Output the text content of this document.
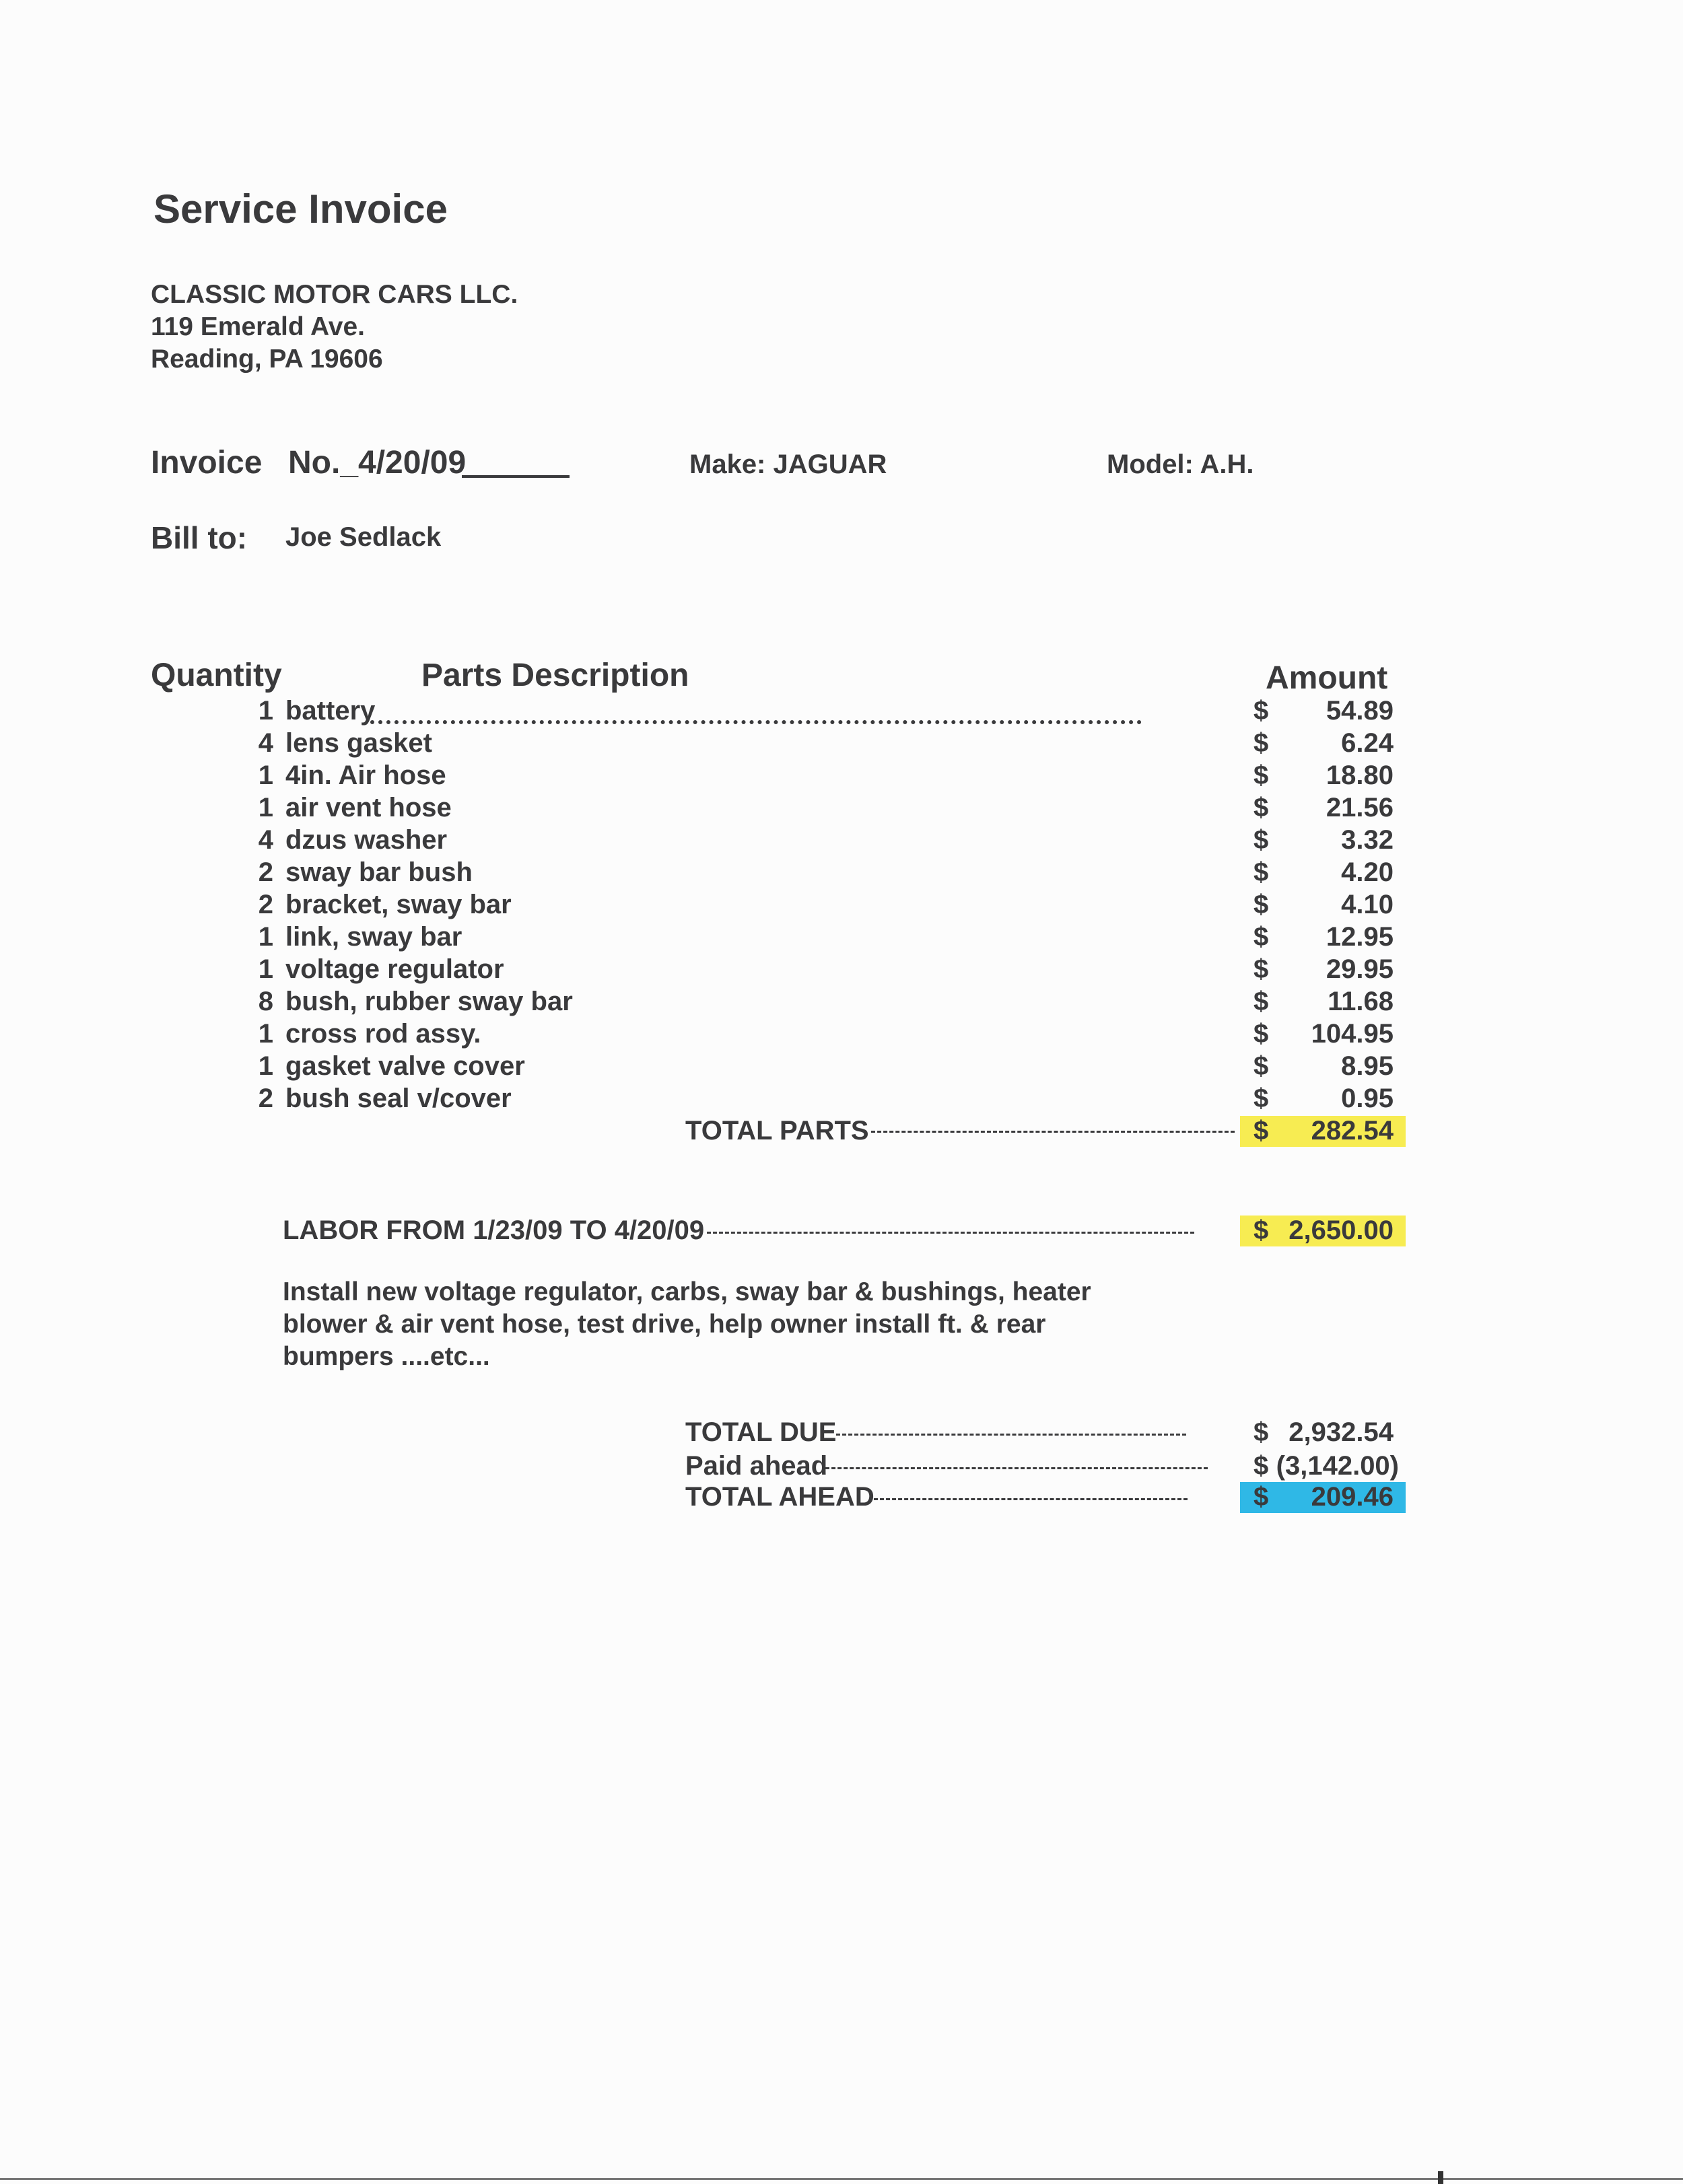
Service Invoice
CLASSIC MOTOR CARS LLC.
119 Emerald Ave.
Reading, PA 19606
Invoice No._4/20/09	Make: JAGUAR	Model: A.H.
Bill to: Joe Sedlack
Quantity	Parts Description	Amount
1 battery	$ 54.89
4 lens gasket	$	6.24
1 4in. Air hose	$ 18.80
1 air vent hose	$ 21.56
4 dzus washer	$	3.32
2 sway bar bush	$	4.20
2 bracket, sway bar	$	4.10
1 link, sway bar	$ 12.95
1 voltage regulator	$ 29.95
8 bush, rubber sway bar	$ 11.68
1 cross rod assy.	$ 104.95
1 gasket valve cover	$	8.95
2 bush seal v/cover	$	0.95
TOTAL PARTS	$ 282.54
LABOR FROM 1/23/09 TO 4/20/09	$ 2,650.00
Install new voltage regulator, carbs, sway bar & bushings, heater blower & air vent hose, test drive, help owner install ft. & rear bumpers ....etc...
TOTAL DUE	$ 2,932.54
Paid ahead	$ (3,142.00)
TOTAL AHEAD	$ 209.46
